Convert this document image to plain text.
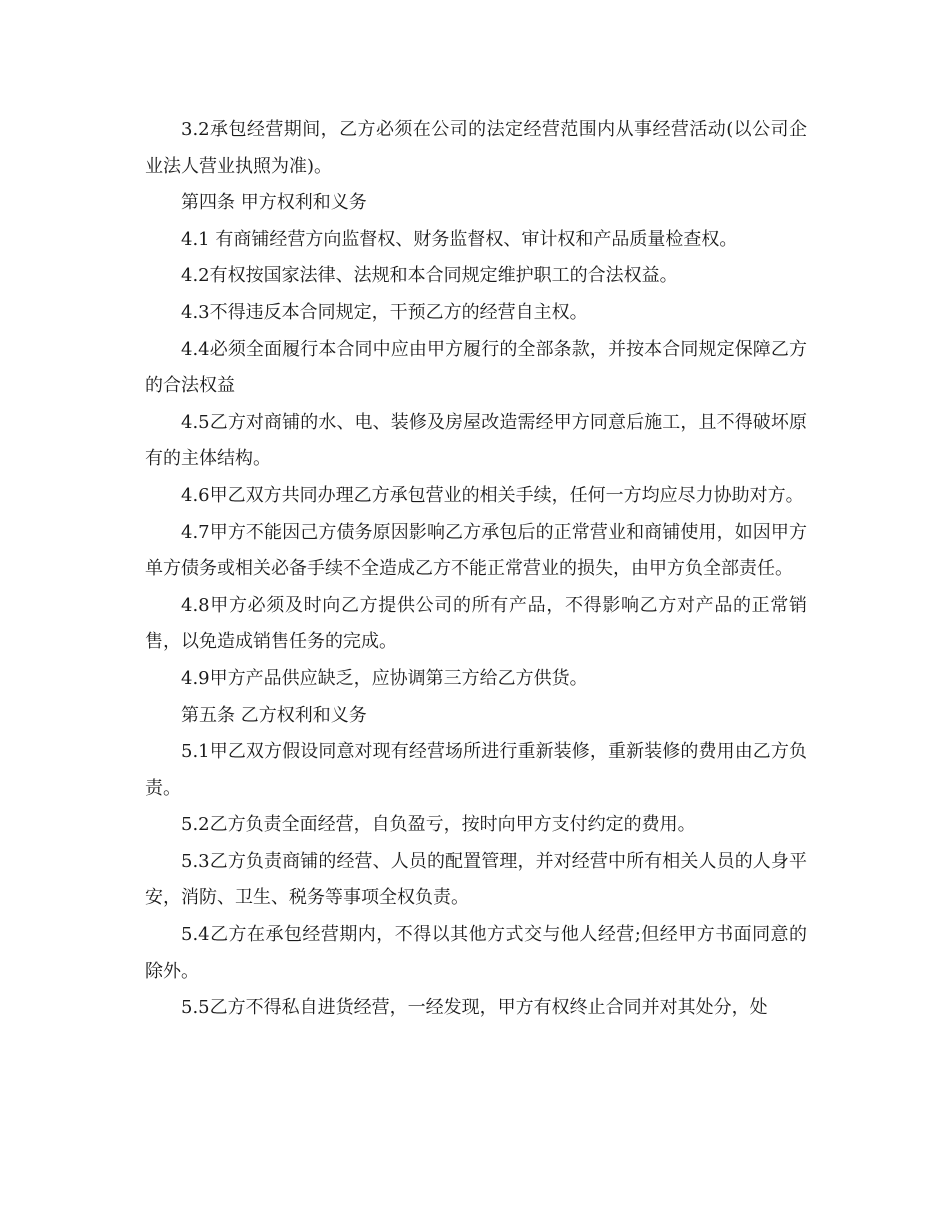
3.2承包经营期间，乙方必须在公司的法定经营范围内从事经营活动(以公司企业法人营业执照为准)。

第四条 甲方权利和义务

4.1 有商铺经营方向监督权、财务监督权、审计权和产品质量检查权。

4.2有权按国家法律、法规和本合同规定维护职工的合法权益。

4.3不得违反本合同规定，干预乙方的经营自主权。

4.4必须全面履行本合同中应由甲方履行的全部条款，并按本合同规定保障乙方的合法权益

4.5乙方对商铺的水、电、装修及房屋改造需经甲方同意后施工，且不得破坏原有的主体结构。

4.6甲乙双方共同办理乙方承包营业的相关手续，任何一方均应尽力协助对方。

4.7甲方不能因己方债务原因影响乙方承包后的正常营业和商铺使用，如因甲方单方债务或相关必备手续不全造成乙方不能正常营业的损失，由甲方负全部责任。

4.8甲方必须及时向乙方提供公司的所有产品，不得影响乙方对产品的正常销售，以免造成销售任务的完成。

4.9甲方产品供应缺乏，应协调第三方给乙方供货。

第五条 乙方权利和义务

5.1甲乙双方假设同意对现有经营场所进行重新装修，重新装修的费用由乙方负责。

5.2乙方负责全面经营，自负盈亏，按时向甲方支付约定的费用。

5.3乙方负责商铺的经营、人员的配置管理，并对经营中所有相关人员的人身平安，消防、卫生、税务等事项全权负责。

5.4乙方在承包经营期内，不得以其他方式交与他人经营;但经甲方书面同意的除外。

5.5乙方不得私自进货经营，一经发现，甲方有权终止合同并对其处分，处
